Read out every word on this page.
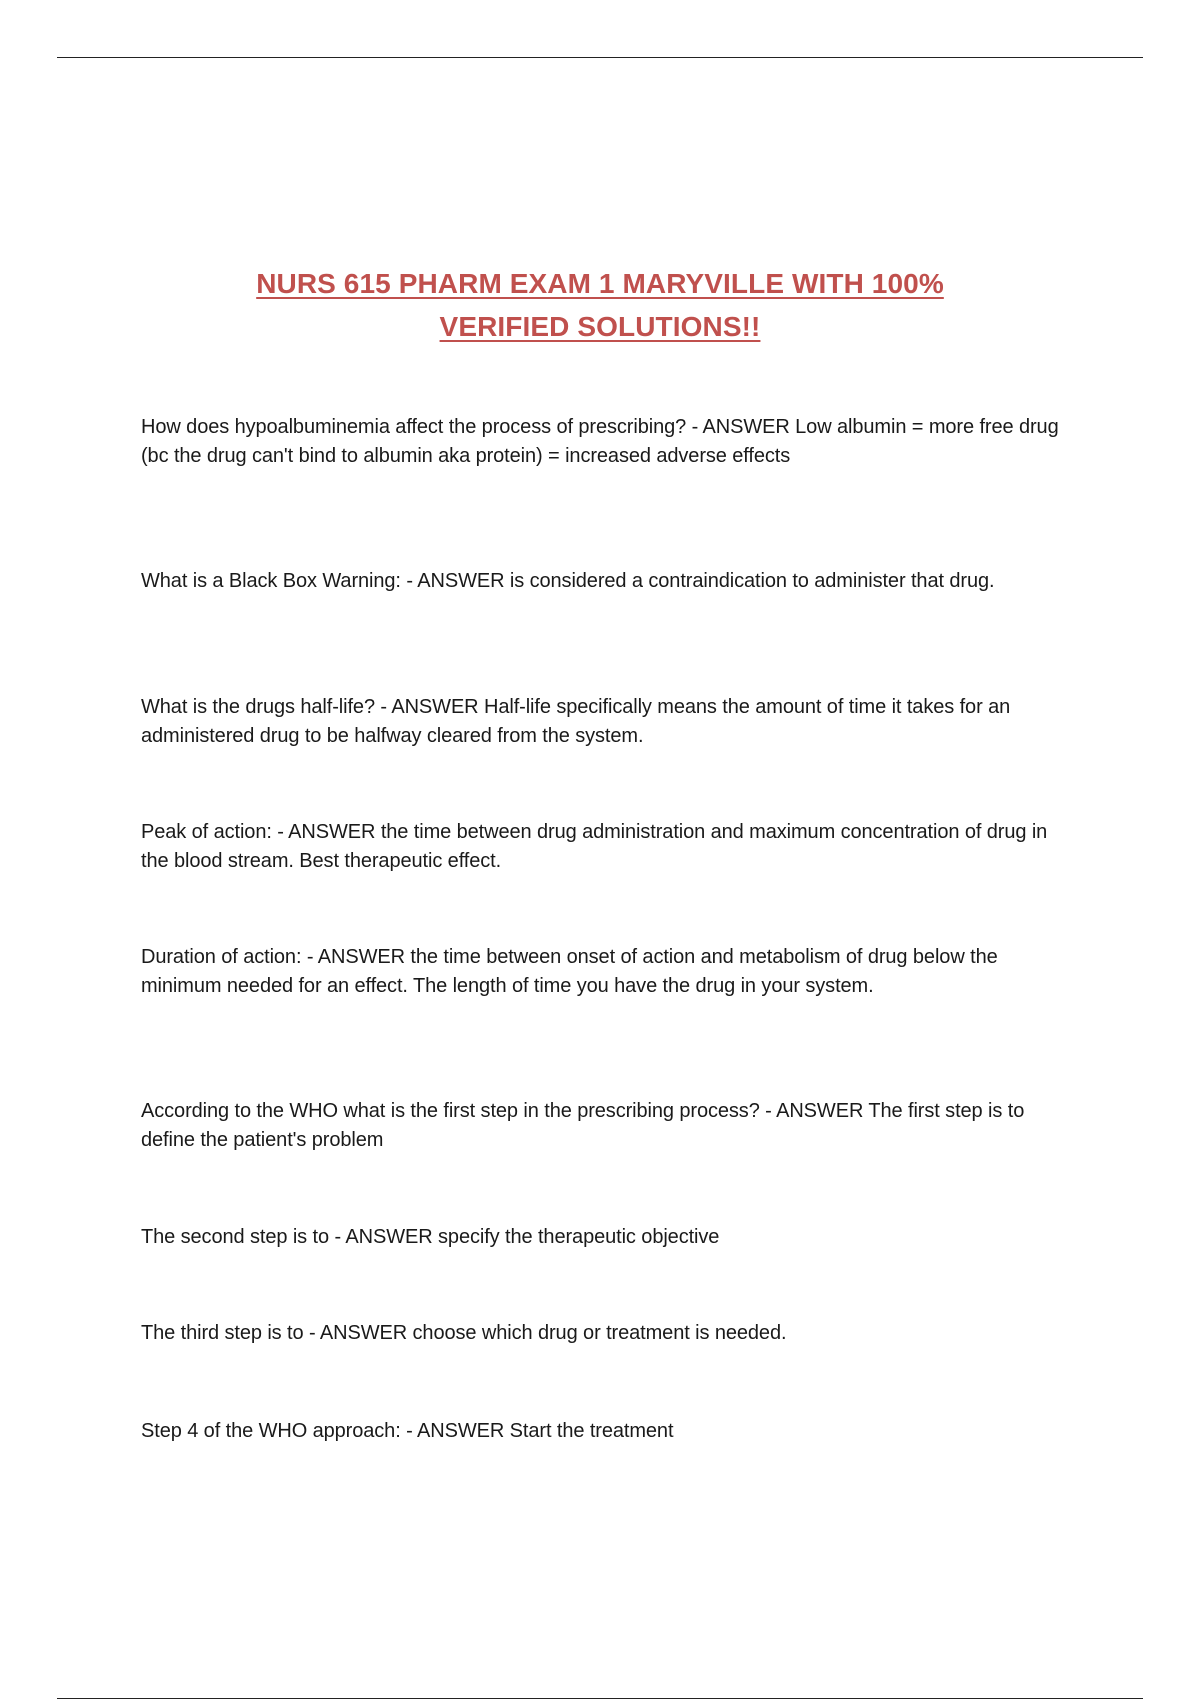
NURS 615 PHARM EXAM 1 MARYVILLE WITH 100%
VERIFIED SOLUTIONS!!

How does hypoalbuminemia affect the process of prescribing? - ANSWER Low albumin = more free drug (bc the drug can't bind to albumin aka protein) = increased adverse effects

What is a Black Box Warning: - ANSWER is considered a contraindication to administer that drug.

What is the drugs half-life? - ANSWER Half-life specifically means the amount of time it takes for an administered drug to be halfway cleared from the system.

Peak of action: - ANSWER the time between drug administration and maximum concentration of drug in the blood stream. Best therapeutic effect.

Duration of action: - ANSWER the time between onset of action and metabolism of drug below the minimum needed for an effect. The length of time you have the drug in your system.

According to the WHO what is the first step in the prescribing process? - ANSWER The first step is to define the patient's problem

The second step is to - ANSWER specify the therapeutic objective

The third step is to - ANSWER choose which drug or treatment is needed.

Step 4 of the WHO approach: - ANSWER Start the treatment
